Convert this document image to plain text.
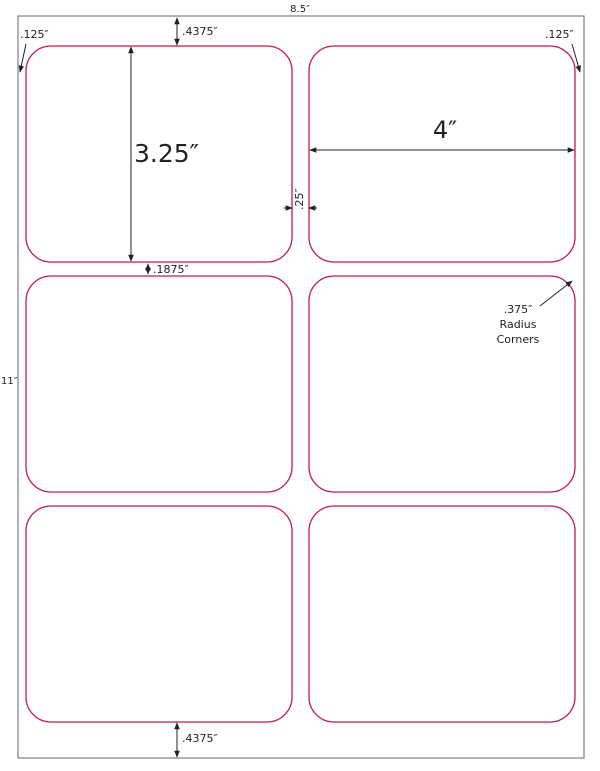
8.5″
11″
.4375″
.4375″
.125″	.125″
3.25″
4″
.25″
.1875″
.375″
Radius
Corners
